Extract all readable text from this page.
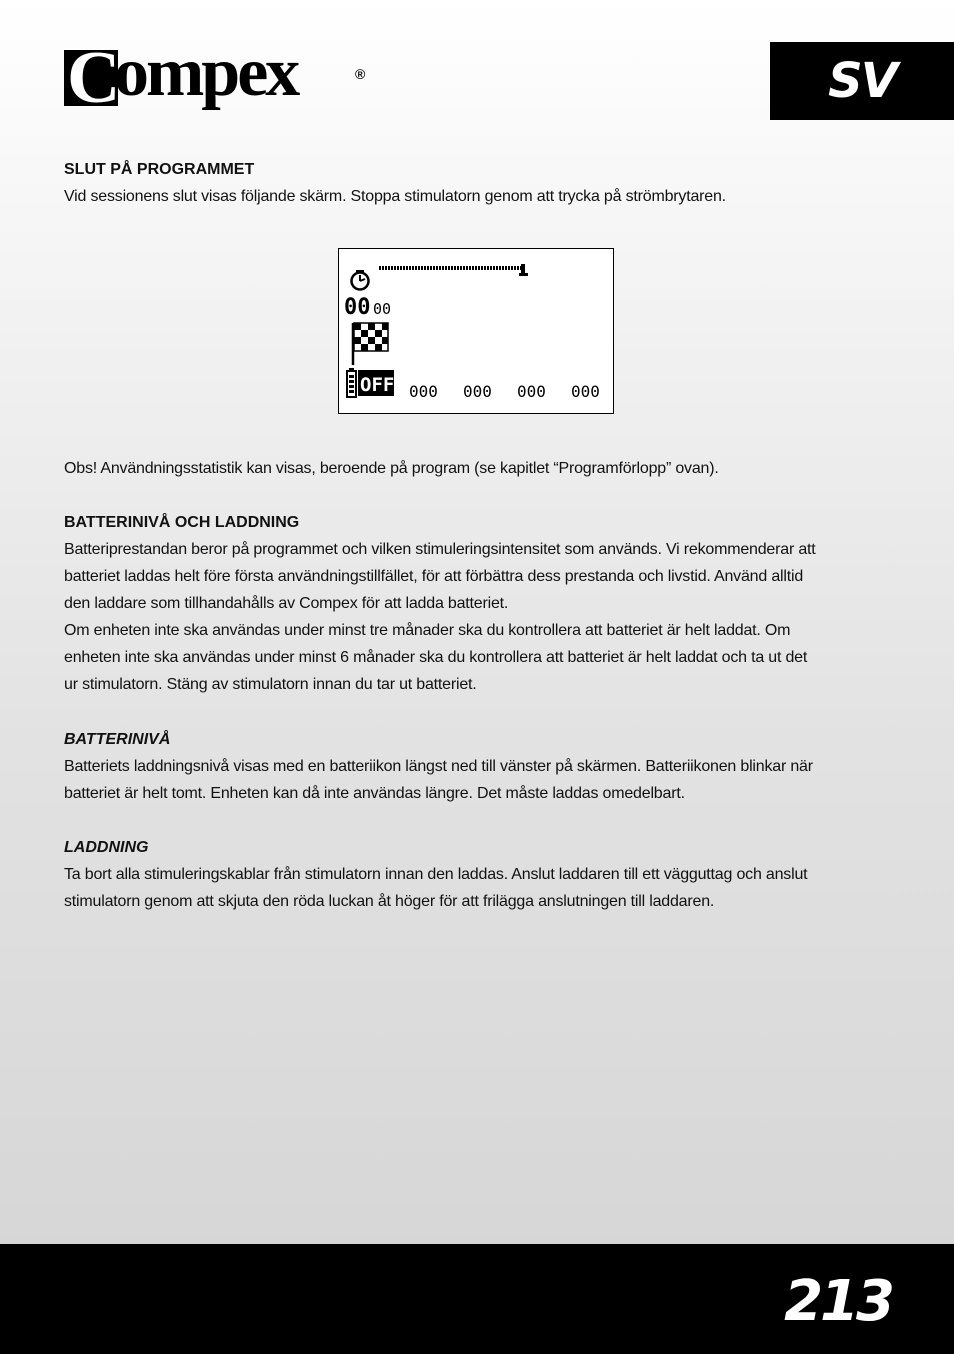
C
ompex	®	SV
00 00
OFF 000 000 000 000

SLUT PÅ PROGRAMMET

Vid sessionens slut visas följande skärm. Stoppa stimulatorn genom att trycka på strömbrytaren.

Obs! Användningsstatistik kan visas, beroende på program (se kapitlet “Programförlopp” ovan).

BATTERINIVÅ OCH LADDNING

Batteriprestandan beror på programmet och vilken stimuleringsintensitet som används. Vi rekommenderar att

batteriet laddas helt före första användningstillfället, för att förbättra dess prestanda och livstid. Använd alltid

den laddare som tillhandahålls av Compex för att ladda batteriet.

Om enheten inte ska användas under minst tre månader ska du kontrollera att batteriet är helt laddat. Om

enheten inte ska användas under minst 6 månader ska du kontrollera att batteriet är helt laddat och ta ut det

ur stimulatorn. Stäng av stimulatorn innan du tar ut batteriet.

BATTERINIVÅ

Batteriets laddningsnivå visas med en batteriikon längst ned till vänster på skärmen. Batteriikonen blinkar när

batteriet är helt tomt. Enheten kan då inte användas längre. Det måste laddas omedelbart.

LADDNING

Ta bort alla stimuleringskablar från stimulatorn innan den laddas. Anslut laddaren till ett vägguttag och anslut

stimulatorn genom att skjuta den röda luckan åt höger för att frilägga anslutningen till laddaren.

213
